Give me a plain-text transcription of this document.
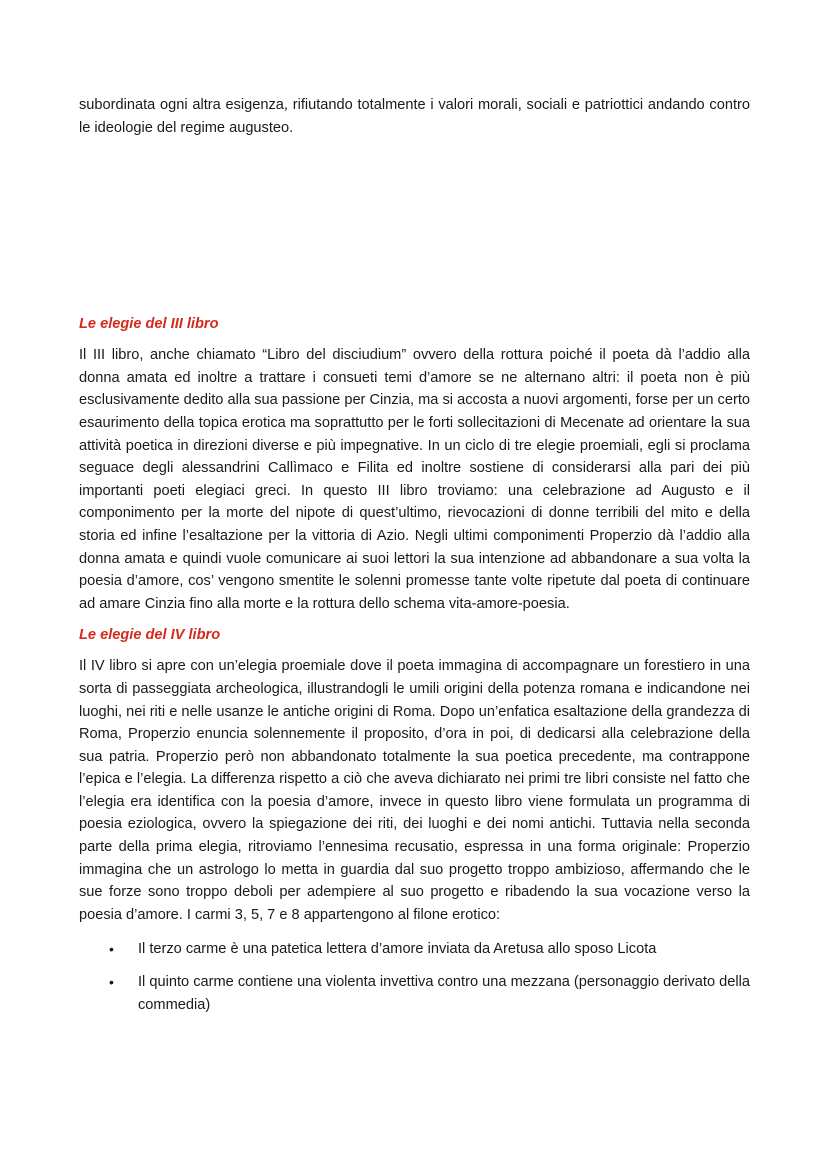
subordinata ogni altra esigenza, rifiutando totalmente i valori morali, sociali e patriottici andando contro le ideologie del regime augusteo.

Le elegie del III libro

Il III libro, anche chiamato “Libro del disciudium” ovvero della rottura poiché il poeta dà l’addio alla donna amata ed inoltre a trattare i consueti temi d’amore se ne alternano altri: il poeta non è più esclusivamente dedito alla sua passione per Cinzia, ma si accosta a nuovi argomenti, forse per un certo esaurimento della topica erotica ma soprattutto per le forti sollecitazioni di Mecenate ad orientare la sua attività poetica in direzioni diverse e più impegnative. In un ciclo di tre elegie proemiali, egli si proclama seguace degli alessandrini Callìmaco e Filita ed inoltre sostiene di considerarsi alla pari dei più importanti poeti elegiaci greci. In questo III libro troviamo: una celebrazione ad Augusto e il componimento per la morte del nipote di quest’ultimo, rievocazioni di donne terribili del mito e della storia ed infine l’esaltazione per la vittoria di Azio. Negli ultimi componimenti Properzio dà l’addio alla donna amata e quindi vuole comunicare ai suoi lettori la sua intenzione ad abbandonare a sua volta la poesia d’amore, cos’ vengono smentite le solenni promesse tante volte ripetute dal poeta di continuare ad amare Cinzia fino alla morte e la rottura dello schema vita-amore-poesia.

Le elegie del IV libro

Il IV libro si apre con un’elegia proemiale dove il poeta immagina di accompagnare un forestiero in una sorta di passeggiata archeologica, illustrandogli le umili origini della potenza romana e indicandone nei luoghi, nei riti e nelle usanze le antiche origini di Roma. Dopo un’enfatica esaltazione della grandezza di Roma, Properzio enuncia solennemente il proposito, d’ora in poi, di dedicarsi alla celebrazione della sua patria. Properzio però non abbandonato totalmente la sua poetica precedente, ma contrappone l’epica e l’elegia. La differenza rispetto a ciò che aveva dichiarato nei primi tre libri consiste nel fatto che l’elegia era identifica con la poesia d’amore, invece in questo libro viene formulata un programma di poesia eziologica, ovvero la spiegazione dei riti, dei luoghi e dei nomi antichi. Tuttavia nella seconda parte della prima elegia, ritroviamo l’ennesima recusatio, espressa in una forma originale: Properzio immagina che un astrologo lo metta in guardia dal suo progetto troppo ambizioso, affermando che le sue forze sono troppo deboli per adempiere al suo progetto e ribadendo la sua vocazione verso la poesia d’amore. I carmi 3, 5, 7 e 8 appartengono al filone erotico:

• Il terzo carme è una patetica lettera d’amore inviata da Aretusa allo sposo Licota
• Il quinto carme contiene una violenta invettiva contro una mezzana (personaggio derivato della commedia)
